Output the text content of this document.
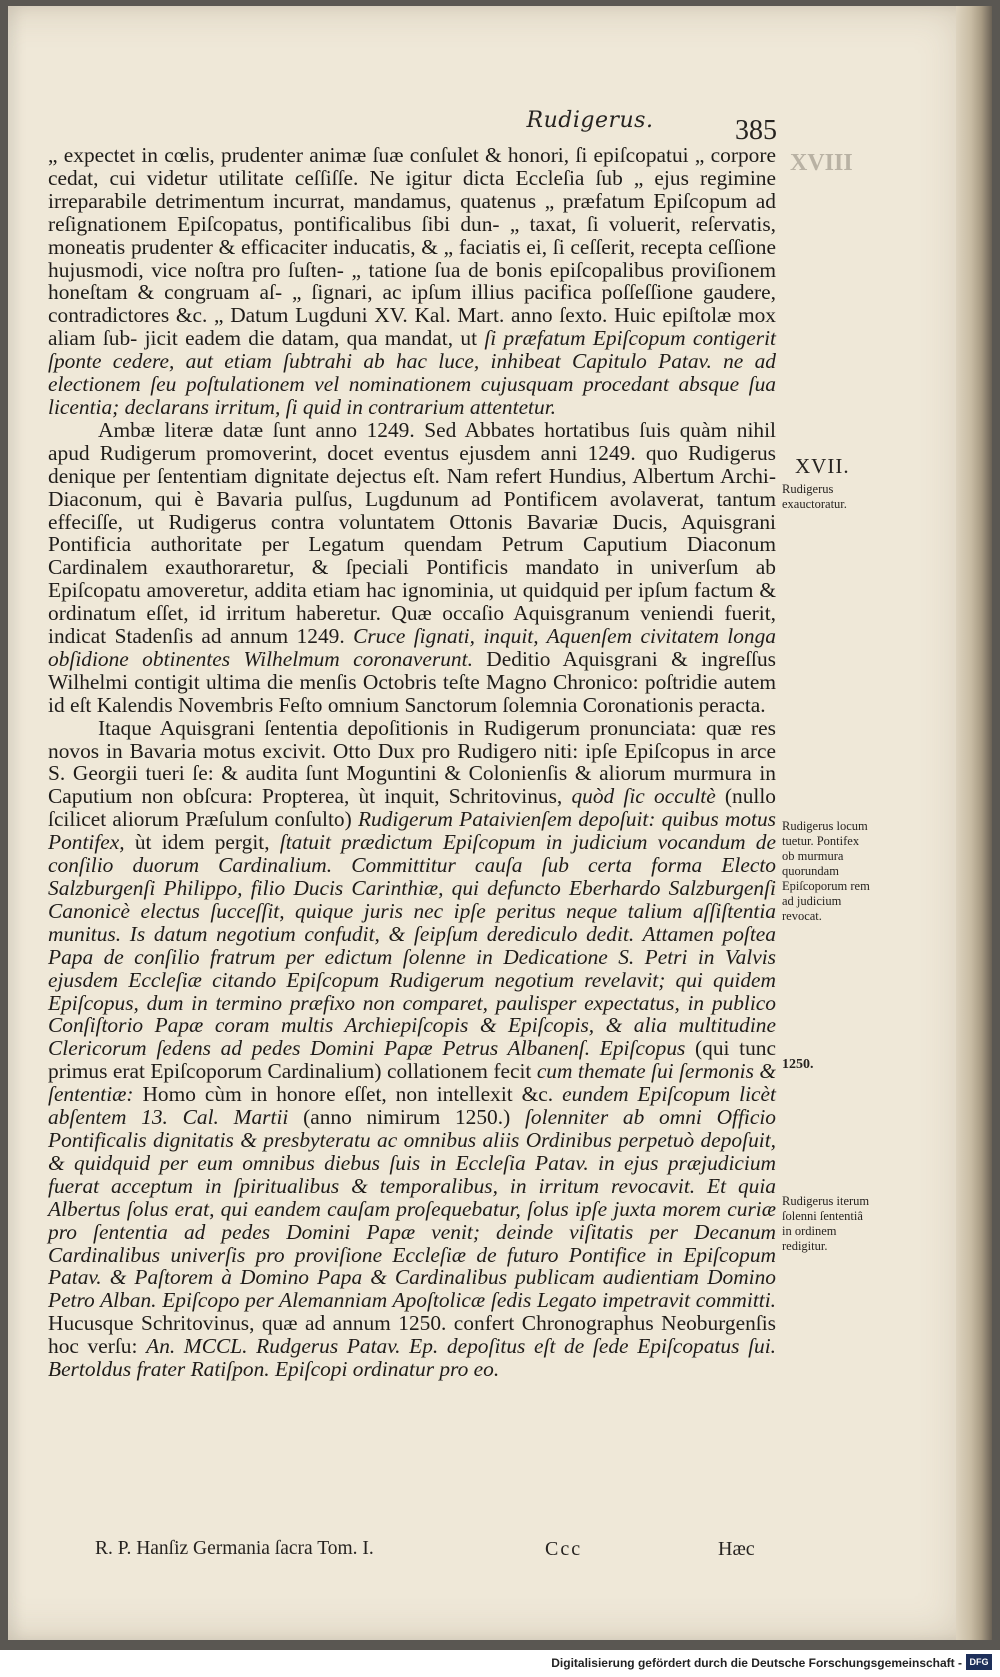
Rudigerus.	385
XVIII

„ expectet in cœlis, prudenter animæ ſuæ conſulet & honori, ſi epiſcopatui „ corpore cedat, cui videtur utilitate ceſſiſſe. Ne igitur dicta Eccleſia ſub „ ejus regimine irreparabile detrimentum incurrat, mandamus, quatenus „ præfatum Epiſcopum ad reſignationem Epiſcopatus, pontificalibus ſibi dun- „ taxat, ſi voluerit, reſervatis, moneatis prudenter & efficaciter inducatis, & „ faciatis ei, ſi ceſſerit, recepta ceſſione hujusmodi, vice noſtra pro ſuſten- „ tatione ſua de bonis epiſcopalibus proviſionem honeſtam & congruam aſ- „ ſignari, ac ipſum illius pacifica poſſeſſione gaudere, contradictores &c. „ Datum Lugduni XV. Kal. Mart. anno ſexto. Huic epiſtolæ mox aliam ſub- jicit eadem die datam, qua mandat, ut ſi præfatum Epiſcopum contigerit ſponte cedere, aut etiam ſubtrahi ab hac luce, inhibeat Capitulo Patav. ne ad electionem ſeu poſtulationem vel nominationem cujusquam procedant absque ſua licentia; declarans irritum, ſi quid in contrarium attentetur.

Ambæ literæ datæ ſunt anno 1249. Sed Abbates hortatibus ſuis quàm nihil apud Rudigerum promoverint, docet eventus ejusdem anni 1249. quo Rudigerus denique per ſententiam dignitate dejectus eſt. Nam refert Hundius, Albertum Archi-Diaconum, qui è Bavaria pulſus, Lugdunum ad Pontificem avolaverat, tantum effeciſſe, ut Rudigerus contra voluntatem Ottonis Bavariæ Ducis, Aquisgrani Pontificia authoritate per Legatum quendam Petrum Caputium Diaconum Cardinalem exauthoraretur, & ſpeciali Pontificis mandato in univerſum ab Epiſcopatu amoveretur, addita etiam hac ignominia, ut quidquid per ipſum factum & ordinatum eſſet, id irritum haberetur. Quæ occaſio Aquisgranum veniendi fuerit, indicat Stadenſis ad annum 1249. Cruce ſignati, inquit, Aquenſem civitatem longa obſidione obtinentes Wilhelmum coronaverunt. Deditio Aquisgrani & ingreſſus Wilhelmi contigit ultima die menſis Octobris teſte Magno Chronico: poſtridie autem id eſt Kalendis Novembris Feſto omnium Sanctorum ſolemnia Coronationis peracta.

Itaque Aquisgrani ſententia depoſitionis in Rudigerum pronunciata: quæ res novos in Bavaria motus excivit. Otto Dux pro Rudigero niti: ipſe Epiſcopus in arce S. Georgii tueri ſe: & audita ſunt Moguntini & Colonienſis & aliorum murmura in Caputium non obſcura: Propterea, ùt inquit, Schritovinus, quòd ſic occultè (nullo ſcilicet aliorum Præſulum conſulto) Rudigerum Pataivienſem depoſuit: quibus motus Pontifex, ùt idem pergit, ſtatuit prædictum Epiſcopum in judicium vocandum de conſilio duorum Cardinalium. Committitur cauſa ſub certa forma Electo Salzburgenſi Philippo, filio Ducis Carinthiæ, qui defuncto Eberhardo Salzburgenſi Canonicè electus ſucceſſit, quique juris nec ipſe peritus neque talium aſſiſtentia munitus. Is datum negotium confudit, & ſeipſum derediculo dedit. Attamen poſtea Papa de conſilio fratrum per edictum ſolenne in Dedicatione S. Petri in Valvis ejusdem Eccleſiæ citando Epiſcopum Rudigerum negotium revelavit; qui quidem Epiſcopus, dum in termino præfixo non comparet, paulisper expectatus, in publico Conſiſtorio Papæ coram multis Archiepiſcopis & Epiſcopis, & alia multitudine Clericorum ſedens ad pedes Domini Papæ Petrus Albanenſ. Epiſcopus (qui tunc primus erat Epiſcoporum Cardinalium) collationem fecit cum themate ſui ſermonis & ſententiæ: Homo cùm in honore eſſet, non intellexit &c. eundem Epiſcopum licèt abſentem 13. Cal. Martii (anno nimirum 1250.) ſolenniter ab omni Officio Pontificalis dignitatis & presbyteratu ac omnibus aliis Ordinibus perpetuò depoſuit, & quidquid per eum omnibus diebus ſuis in Eccleſia Patav. in ejus præjudicium fuerat acceptum in ſpiritualibus & temporalibus, in irritum revocavit. Et quia Albertus ſolus erat, qui eandem cauſam proſequebatur, ſolus ipſe juxta morem curiæ pro ſententia ad pedes Domini Papæ venit; deinde viſitatis per Decanum Cardinalibus univerſis pro proviſione Eccleſiæ de futuro Pontifice in Epiſcopum Patav. & Paſtorem à Domino Papa & Cardinalibus publicam audientiam Domino Petro Alban. Epiſcopo per Alemanniam Apoſtolicæ ſedis Legato impetravit committi. Hucusque Schritovinus, quæ ad annum 1250. confert Chronographus Neoburgenſis hoc verſu: An. MCCL. Rudgerus Patav. Ep. depoſitus eſt de ſede Epiſcopatus ſui. Bertoldus frater Ratiſpon. Epiſcopi ordinatur pro eo.

XVII.
Rudigerus exauctoratur.
Rudigerus locum tuetur. Pontifex ob murmura quorundam Epiſcoporum rem ad judicium revocat.
1250.
Rudigerus iterum ſolenni ſententiâ in ordinem redigitur.
R. P. Hanſiz Germania ſacra Tom. I.	Ccc	Hæc
Digitalisierung gefördert durch die Deutsche Forschungsgemeinschaft - DFG
